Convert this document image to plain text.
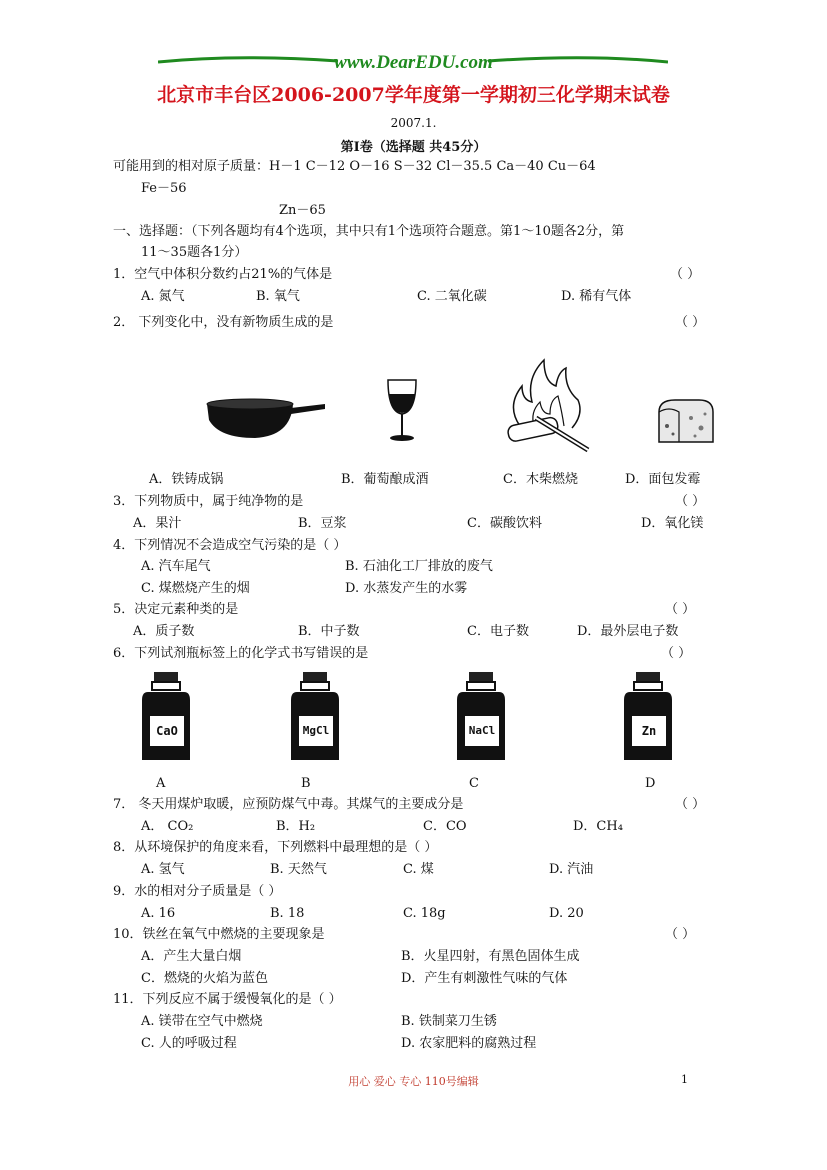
www.DearEDU.com
北京市丰台区2006-2007学年度第一学期初三化学期末试卷
2007.1.
第Ⅰ卷（选择题 共45分）
可能用到的相对原子质量：H－1 C－12 O－16 S－32 Cl－35.5 Ca－40 Cu－64
Fe－56
Zn－65
一、选择题：（下列各题均有4个选项，其中只有1个选项符合题意。第1～10题各2分，第
11～35题各1分）
1．空气中体积分数约占21%的气体是	（ ）
A. 氮气	B. 氧气	C. 二氧化碳	D. 稀有气体
2． 下列变化中，没有新物质生成的是	（ ）
A．铁铸成锅	B．葡萄酿成酒	C．木柴燃烧	D．面包发霉
3．下列物质中，属于纯净物的是	（ ）
A．果汁	B．豆浆	C．碳酸饮料	D．氧化镁
4．下列情况不会造成空气污染的是（ ）
A. 汽车尾气	B. 石油化工厂排放的废气
C. 煤燃烧产生的烟	D. 水蒸发产生的水雾
5．决定元素种类的是	（ ）
A．质子数	B．中子数	C．电子数	D．最外层电子数
6．下列试剂瓶标签上的化学式书写错误的是	（ ）
CaO	MgCl	NaCl	Zn
A	B	C	D
7． 冬天用煤炉取暖，应预防煤气中毒。其煤气的主要成分是	（ ）
A． CO₂	B．H₂	C．CO	D．CH₄
8．从环境保护的角度来看，下列燃料中最理想的是（ ）
A. 氢气	B. 天然气	C. 煤	D. 汽油
9．水的相对分子质量是（ ）
A. 16	B. 18	C. 18g	D. 20
10．铁丝在氧气中燃烧的主要现象是	（ ）
A．产生大量白烟	B．火星四射，有黑色固体生成
C．燃烧的火焰为蓝色	D．产生有刺激性气味的气体
11．下列反应不属于缓慢氧化的是（ ）
A. 镁带在空气中燃烧	B. 铁制菜刀生锈
C. 人的呼吸过程	D. 农家肥料的腐熟过程
用心 爱心 专心 110号编辑	1
